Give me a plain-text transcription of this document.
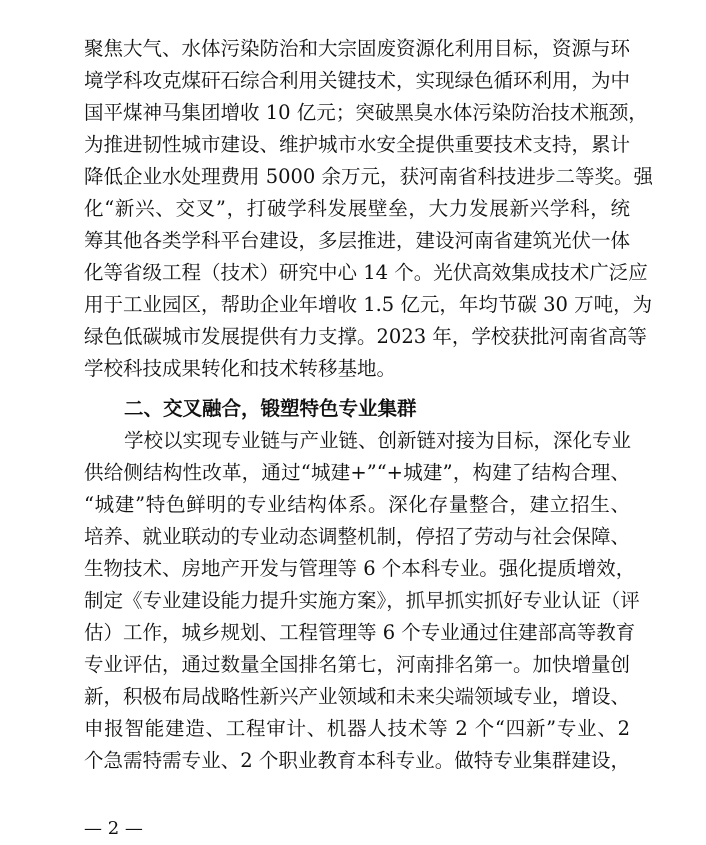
聚焦大气、水体污染防治和大宗固废资源化利用目标，资源与环
境学科攻克煤矸石综合利用关键技术，实现绿色循环利用，为中
国平煤神马集团增收 10 亿元；突破黑臭水体污染防治技术瓶颈，
为推进韧性城市建设、维护城市水安全提供重要技术支持，累计
降低企业水处理费用 5000 余万元，获河南省科技进步二等奖。强
化“新兴、交叉”，打破学科发展壁垒，大力发展新兴学科，统
筹其他各类学科平台建设，多层推进，建设河南省建筑光伏一体
化等省级工程（技术）研究中心 14 个。光伏高效集成技术广泛应
用于工业园区，帮助企业年增收 1.5 亿元，年均节碳 30 万吨，为
绿色低碳城市发展提供有力支撑。2023 年，学校获批河南省高等
学校科技成果转化和技术转移基地。
二、交叉融合，锻塑特色专业集群
学校以实现专业链与产业链、创新链对接为目标，深化专业
供给侧结构性改革，通过“城建+”“+城建”，构建了结构合理、
“城建”特色鲜明的专业结构体系。深化存量整合，建立招生、
培养、就业联动的专业动态调整机制，停招了劳动与社会保障、
生物技术、房地产开发与管理等 6 个本科专业。强化提质增效，
制定《专业建设能力提升实施方案》，抓早抓实抓好专业认证（评
估）工作，城乡规划、工程管理等 6 个专业通过住建部高等教育
专业评估，通过数量全国排名第七，河南排名第一。加快增量创
新，积极布局战略性新兴产业领域和未来尖端领域专业，增设、
申报智能建造、工程审计、机器人技术等 2 个“四新”专业、2
个急需特需专业、2 个职业教育本科专业。做特专业集群建设，
— 2 —
